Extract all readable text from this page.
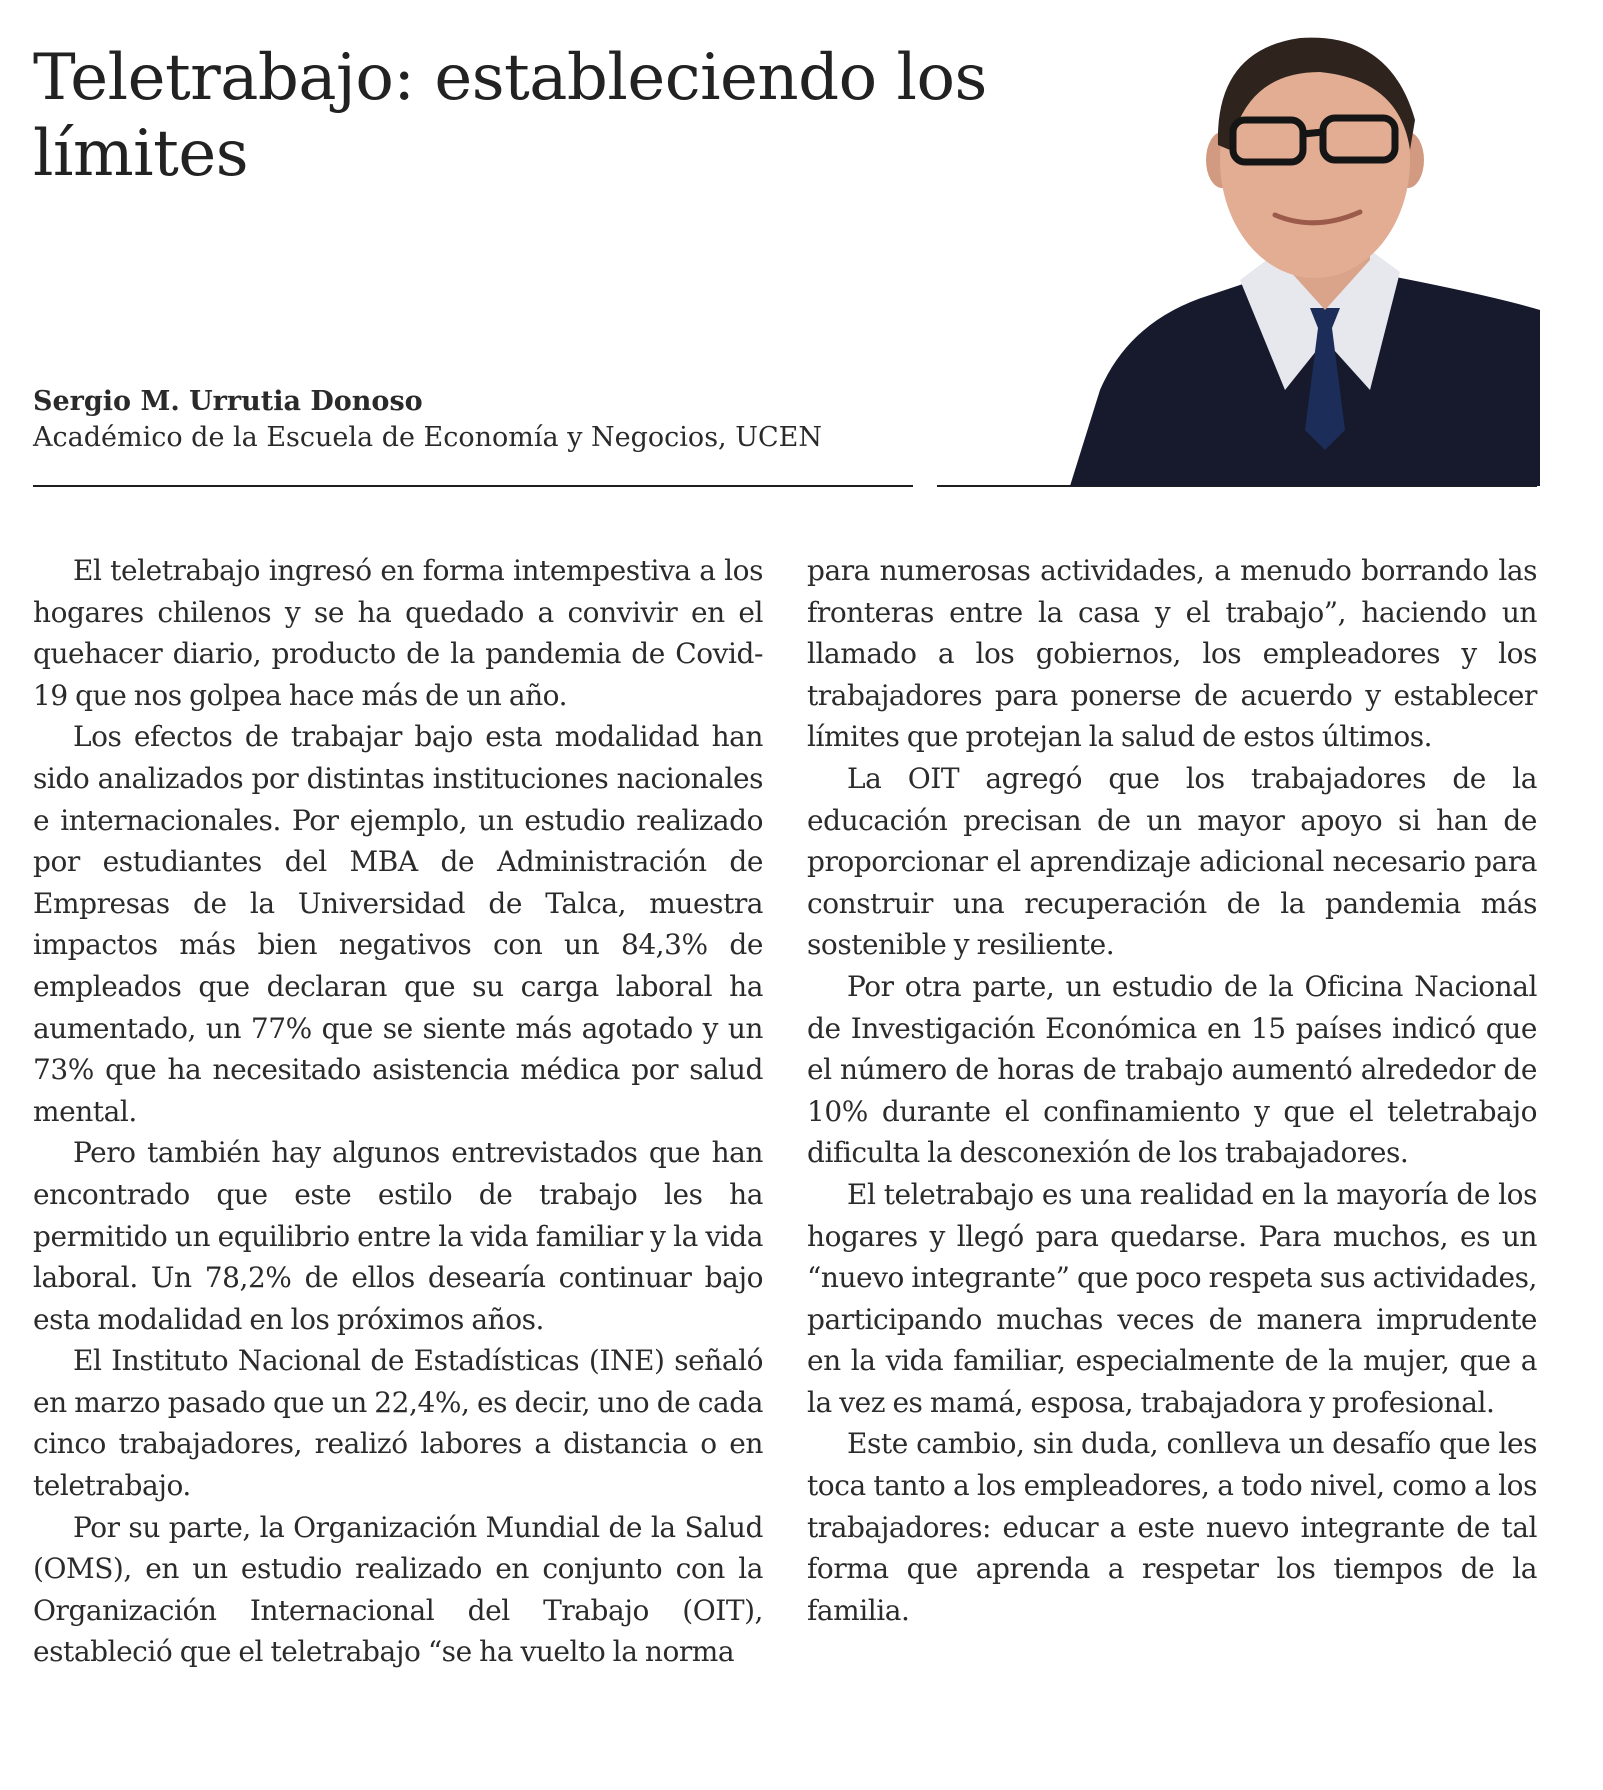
Teletrabajo: estableciendo los límites
Sergio M. Urrutia Donoso
Académico de la Escuela de Economía y Negocios, UCEN

El teletrabajo ingresó en forma intempestiva a los hogares chilenos y se ha quedado a convivir en el quehacer diario, producto de la pandemia de Covid-19 que nos golpea hace más de un año.

Los efectos de trabajar bajo esta modalidad han sido analizados por distintas instituciones nacionales e internacionales. Por ejemplo, un estudio realizado por estudiantes del MBA de Administración de Empresas de la Universidad de Talca, muestra impactos más bien negativos con un 84,3% de empleados que declaran que su carga laboral ha aumentado, un 77% que se siente más agotado y un 73% que ha necesitado asistencia médica por salud mental.

Pero también hay algunos entrevistados que han encontrado que este estilo de trabajo les ha permitido un equilibrio entre la vida familiar y la vida laboral. Un 78,2% de ellos desearía continuar bajo esta modalidad en los próximos años.

El Instituto Nacional de Estadísticas (INE) señaló en marzo pasado que un 22,4%, es decir, uno de cada cinco trabajadores, realizó labores a distancia o en teletrabajo.

Por su parte, la Organización Mundial de la Salud (OMS), en un estudio realizado en conjunto con la Organización Internacional del Trabajo (OIT), estableció que el teletrabajo “se ha vuelto la norma

para numerosas actividades, a menudo borrando las fronteras entre la casa y el trabajo”, haciendo un llamado a los gobiernos, los empleadores y los trabajadores para ponerse de acuerdo y establecer límites que protejan la salud de estos últimos.

La OIT agregó que los trabajadores de la educación precisan de un mayor apoyo si han de proporcionar el aprendizaje adicional necesario para construir una recuperación de la pandemia más sostenible y resiliente.

Por otra parte, un estudio de la Oficina Nacional de Investigación Económica en 15 países indicó que el número de horas de trabajo aumentó alrededor de 10% durante el confinamiento y que el teletrabajo dificulta la desconexión de los trabajadores.

El teletrabajo es una realidad en la mayoría de los hogares y llegó para quedarse. Para muchos, es un “nuevo integrante” que poco respeta sus actividades, participando muchas veces de manera imprudente en la vida familiar, especialmente de la mujer, que a la vez es mamá, esposa, trabajadora y profesional.

Este cambio, sin duda, conlleva un desafío que les toca tanto a los empleadores, a todo nivel, como a los trabajadores: educar a este nuevo integrante de tal forma que aprenda a respetar los tiempos de la familia.
